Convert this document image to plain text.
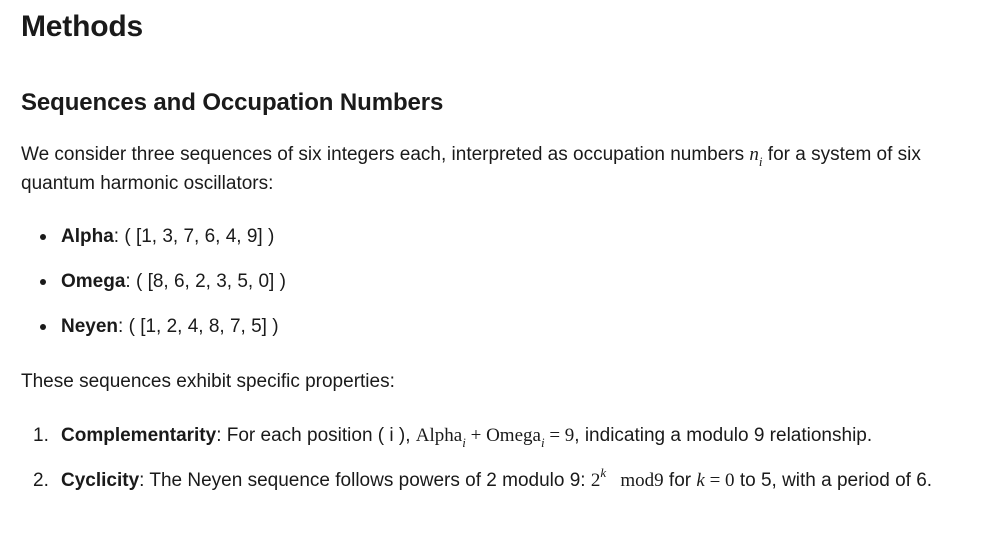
Methods
Sequences and Occupation Numbers

We consider three sequences of six integers each, interpreted as occupation numbers $n_i$ for a system of six quantum harmonic oscillators:

Alpha: ( [1, 3, 7, 6, 4, 9] )
Omega: ( [8, 6, 2, 3, 5, 0] )
Neyen: ( [1, 2, 4, 8, 7, 5] )

These sequences exhibit specific properties:

1. Complementarity: For each position ( i ), Alpha$_i$ + Omega$_i$ = 9, indicating a modulo 9 relationship.
2. Cyclicity: The Neyen sequence follows powers of 2 modulo 9: 2$^k$ mod9 for k = 0 to 5, with a period of 6.
